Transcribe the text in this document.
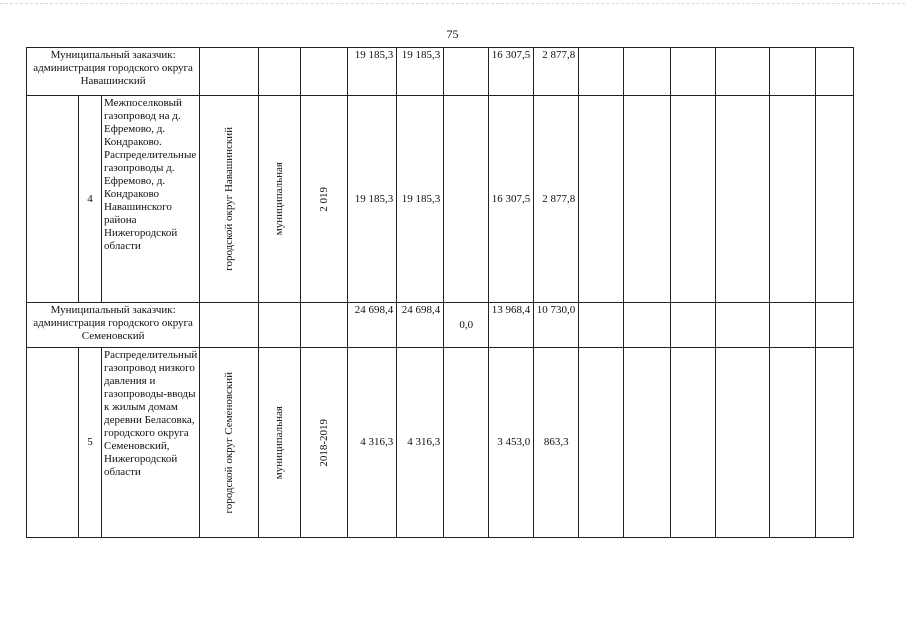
75
Муниципальный заказчик: администрация городского округа Навашинский						19 185,3	19 185,3		16 307,5	2 877,8						
	4	Межпоселковый газопровод на д. Ефремово, д. Кондраково. Распределительные газопроводы д. Ефремово, д. Кондраково Навашинского района Нижегородской области	городской округ Навашинский	муниципальная	2 019	19 185,3	19 185,3		16 307,5	2 877,8						
Муниципальный заказчик: администрация городского округа Семеновский						24 698,4	24 698,4	0,0	13 968,4	10 730,0						
	5	Распределительный газопровод низкого давления и газопроводы-вводы к жилым домам деревни Беласовка, городского округа Семеновский, Нижегородской области	городской округ Семеновский	муниципальная	2018-2019	4 316,3	4 316,3		3 453,0	863,3						
